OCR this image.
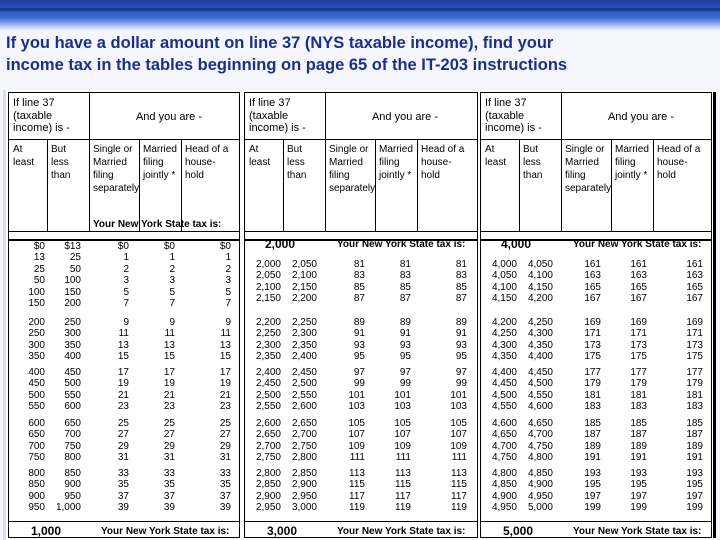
If you have a dollar amount on line 37 (NYS taxable income), find your
income tax in the tables beginning on page 65 of the IT-203 instructions
If line 37 (taxable income) is -
And you are -
At least
But less than
Single or Married filing separately
Married filing jointly *
Head of a house-hold
Your New York State tax is:
1,000	Your New York State tax is:
$0 $13	$0	$0	$0
13 25	1	1	1
25 50	2	2	2
50 100	3	3	3
100 150	5	5	5
150 200	7	7	7
200 250	9	9	9
250 300	11	11	11
300 350	13	13	13
350 400	15	15	15
400 450	17	17	17
450 500	19	19	19
500 550	21	21	21
550 600	23	23	23
600 650	25	25	25
650 700	27	27	27
700 750	29	29	29
750 800	31	31	31
800 850	33	33	33
850 900	35	35	35
900 950	37	37	37
950 1,000	39	39	39
If line 37 (taxable income) is -
And you are -
At least
But less than
Single or Married filing separately
Married filing jointly *
Head of a house-hold
2,000	Your New York State tax is:
3,000	Your New York State tax is:
2,000 2,050	81	81	81
2,050 2,100	83	83	83
2,100 2,150	85	85	85
2,150 2,200	87	87	87
2,200 2,250	89	89	89
2,250 2,300	91	91	91
2,300 2,350	93	93	93
2,350 2,400	95	95	95
2,400 2,450	97	97	97
2,450 2,500	99	99	99
2,500 2,550	101	101	101
2,550 2,600	103	103	103
2,600 2,650	105	105	105
2,650 2,700	107	107	107
2,700 2,750	109	109	109
2,750 2,800	111	111	111
2,800 2,850	113	113	113
2,850 2,900	115	115	115
2,900 2,950	117	117	117
2,950 3,000	119	119	119
If line 37 (taxable income) is -
And you are -
At least
But less than
Single or Married filing separately
Married filing jointly *
Head of a house-hold
4,000	Your New York State tax is:
5,000	Your New York State tax is:
4,000 4,050	161	161	161
4,050 4,100	163	163	163
4,100 4,150	165	165	165
4,150 4,200	167	167	167
4,200 4,250	169	169	169
4,250 4,300	171	171	171
4,300 4,350	173	173	173
4,350 4,400	175	175	175
4,400 4,450	177	177	177
4,450 4,500	179	179	179
4,500 4,550	181	181	181
4,550 4,600	183	183	183
4,600 4,650	185	185	185
4,650 4,700	187	187	187
4,700 4,750	189	189	189
4,750 4,800	191	191	191
4,800 4,850	193	193	193
4,850 4,900	195	195	195
4,900 4,950	197	197	197
4,950 5,000	199	199	199
